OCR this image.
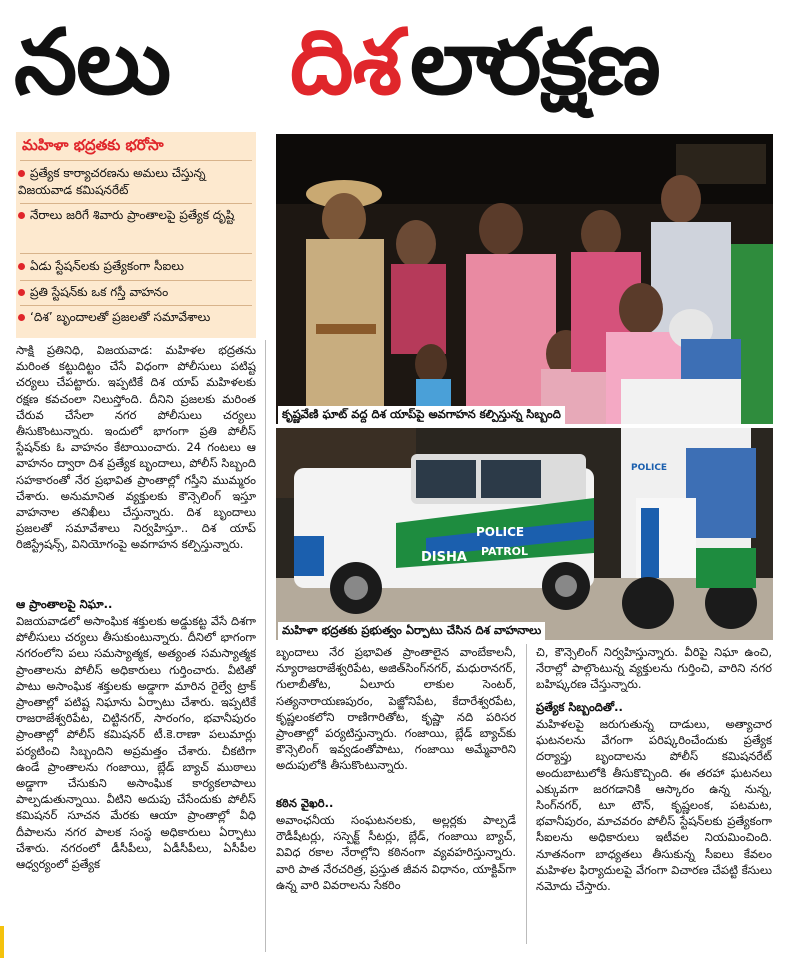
నలు దిశ లా
రక్షణ
మహిళా భద్రతకు భరోసా
ప్రత్యేక కార్యాచరణను అమలు చేస్తున్న విజయవాడ కమిషనరేట్
నేరాలు జరిగే శివారు ప్రాంతాలపై ప్రత్యేక దృష్టి
ఏడు స్టేషన్‌లకు ప్రత్యేకంగా సీఐలు
ప్రతి స్టేషన్‌కు ఒక గస్తీ వాహనం
‘దిశ’ బృందాలతో ప్రజలతో సమావేశాలు
సాక్షి ప్రతినిధి, విజయవాడ: మహిళల భద్రతను మరింత కట్టుదిట్టం చేసే విధంగా పోలీసులు పటిష్ట చర్యలు చేపట్టారు. ఇప్పటికే దిశ యాప్‌ మహిళలకు రక్షణ కవచంలా నిలుస్తోంది. దీనిని ప్రజలకు మరింత చేరువ చేసేలా నగర పోలీసులు చర్యలు తీసుకొంటున్నారు. ఇందులో భాగంగా ప్రతి పోలీస్‌ స్టేషన్‌కు ఓ వాహనం కేటాయించారు. 24 గంటలు ఆ వాహనం ద్వారా దిశ ప్రత్యేక బృందాలు, పోలీస్‌ సిబ్బంది సహకారంతో నేర ప్రభావిత ప్రాంతాల్లో గస్తీని ముమ్మరం చేశారు. అనుమానిత వ్యక్తులకు కౌన్సెలింగ్‌ ఇస్తూ వాహనాల తనిఖీలు చేస్తున్నారు. దిశ బృందాలు ప్రజలతో సమావేశాలు నిర్వహిస్తూ.. దిశ యాప్‌ రిజిస్ట్రేషన్స్, వినియోగంపై అవగాహన కల్పిస్తున్నారు.
ఆ ప్రాంతాలపై నిఘా..
విజయవాడలో అసాంఘిక శక్తులకు అడ్డుకట్ట వేసే దిశగా పోలీసులు చర్యలు తీసుకుంటున్నారు. దీనిలో భాగంగా నగరంలోని పలు సమస్యాత్మక, అత్యంత సమస్యాత్మక ప్రాంతాలను పోలీస్‌ అధికారులు గుర్తించారు. వీటితో పాటు అసాంఘిక శక్తులకు అడ్డాగా మారిన రైల్వే ట్రాక్‌ ప్రాంతాల్లో పటిష్ట నిఘాను ఏర్పాటు చేశారు. ఇప్పటికే రాజరాజేశ్వరిపేట, చిట్టినగర్, సారంగం, భవానీపురం ప్రాంతాల్లో పోలీస్‌ కమిషనర్‌ టీ.కె.రాణా పలుమార్లు పర్యటించి సిబ్బందిని అప్రమత్తం చేశారు. చీకటిగా ఉండే ప్రాంతాలను గంజాయి, బ్లేడ్‌ బ్యాచ్‌ ముఠాలు అడ్డాగా చేసుకుని అసాంఘిక కార్యకలాపాలు పాల్పడుతున్నాయి. వీటిని అదుపు చేసేందుకు పోలీస్‌ కమిషనర్‌ సూచన మేరకు ఆయా ప్రాంతాల్లో వీధి దీపాలను నగర పాలక సంస్థ అధికారులు ఏర్పాటు చేశారు. నగరంలో డీసీపీలు, ఏడీసీపీలు, ఏసీపీల ఆధ్వర్యంలో ప్రత్యేక
కృష్ణవేణి ఘాట్‌ వద్ద దిశ యాప్‌పై అవగాహన కల్పిస్తున్న సిబ్బంది
POLICE
DISHA PATROL
POLICE
మహిళా భద్రతకు ప్రభుత్వం ఏర్పాటు చేసిన దిశ వాహనాలు
బృందాలు నేర ప్రభావిత ప్రాంతాలైన వాంబేకాలనీ, న్యూరాజరాజేశ్వరిపేట, అజిత్‌సింగ్‌నగర్, మధురానగర్, గులాబీతోట, ఏలూరు లాకుల సెంటర్, సత్యనారాయణపురం, పెజ్జోనిపేట, కేదారేశ్వరపేట, కృష్ణలంకలోని రాణిగారితోట, కృష్ణా నది పరిసర ప్రాంతాల్లో పర్యటిస్తున్నారు. గంజాయి, బ్లేడ్‌ బ్యాచ్‌కు కౌన్సెలింగ్‌ ఇవ్వడంతోపాటు, గంజాయి అమ్మేవారిని అదుపులోకి తీసుకొంటున్నారు.
కఠిన వైఖరి..
అవాంఛనీయ సంఘటనలకు, అల్లర్లకు పాల్పడే రౌడీషీటర్లు, సస్పెక్ట్‌ సీటర్లు, బ్లేడ్, గంజాయి బ్యాచ్, వివిధ రకాల నేరాల్లోని కఠినంగా వ్యవహరిస్తున్నారు. వారి పాత నేరచరిత్ర, ప్రస్తుత జీవన విధానం, యాక్టివ్‌గా ఉన్న వారి వివరాలను సేకరిం
చి, కౌన్సెలింగ్‌ నిర్వహిస్తున్నారు. వీరిపై నిఘా ఉంచి, నేరాల్లో పాల్గొంటున్న వ్యక్తులను గుర్తించి, వారిని నగర బహిష్కరణ చేస్తున్నారు.
ప్రత్యేక సిబ్బందితో..
మహిళలపై జరుగుతున్న దాడులు, అత్యాచార ఘటనలను వేగంగా పరిష్కరించేందుకు ప్రత్యేక దర్యాప్తు బృందాలను పోలీస్‌ కమిషనరేట్‌ అందుబాటులోకి తీసుకొచ్చింది. ఈ తరహా ఘటనలు ఎక్కువగా జరగడానికి ఆస్కారం ఉన్న నున్న, సింగ్‌నగర్, టూ టౌన్, కృష్ణలంక, పటమట, భవానీపురం, మాచవరం పోలీస్‌ స్టేషన్‌లకు ప్రత్యేకంగా సీఐలను అధికారులు ఇటీవల నియమించింది. నూతనంగా బాధ్యతలు తీసుకున్న సీఐలు కేవలం మహిళల ఫిర్యాదులపై వేగంగా విచారణ చేపట్టి కేసులు నమోదు చేస్తారు.
